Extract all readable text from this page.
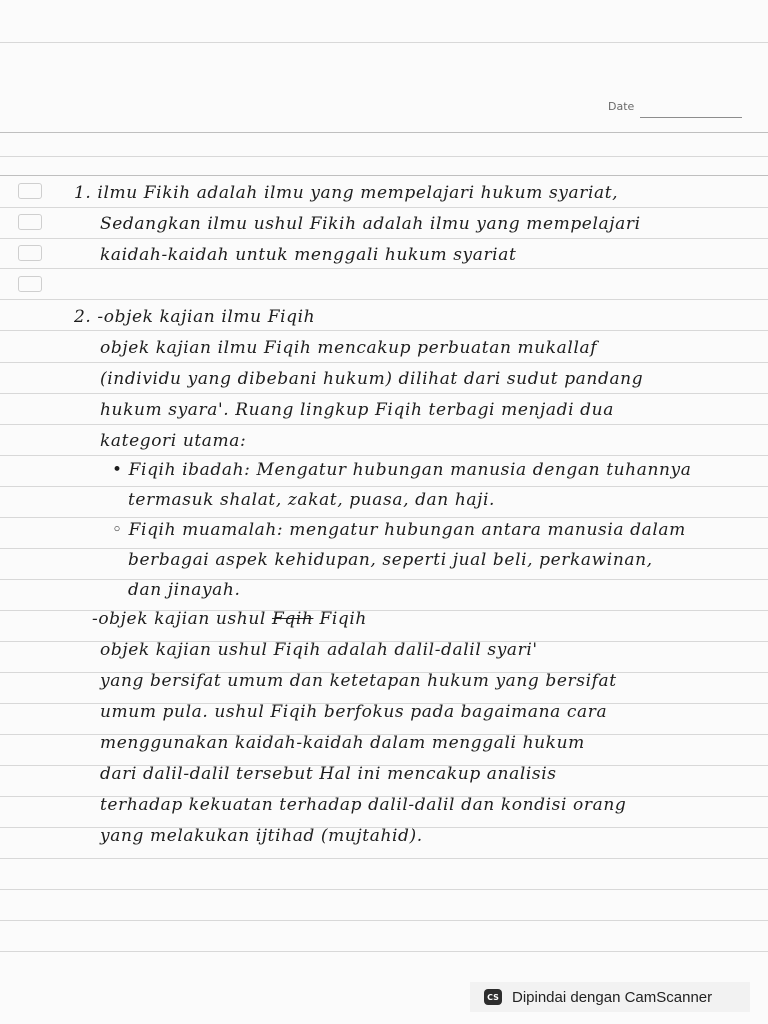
Date
1. ilmu Fikih adalah ilmu yang mempelajari hukum syariat,
Sedangkan ilmu ushul Fikih adalah ilmu yang mempelajari
kaidah-kaidah untuk menggali hukum syariat
2. -objek kajian ilmu Fiqih
objek kajian ilmu Fiqih mencakup perbuatan mukallaf
(individu yang dibebani hukum) dilihat dari sudut pandang
hukum syara'. Ruang lingkup Fiqih terbagi menjadi dua
kategori utama:
• Fiqih ibadah: Mengatur hubungan manusia dengan tuhannya
termasuk shalat, zakat, puasa, dan haji.
◦ Fiqih muamalah: mengatur hubungan antara manusia dalam
berbagai aspek kehidupan, seperti jual beli, perkawinan,
dan jinayah.
-objek kajian ushul Fqih Fiqih
objek kajian ushul Fiqih adalah dalil-dalil syari'
yang bersifat umum dan ketetapan hukum yang bersifat
umum pula. ushul Fiqih berfokus pada bagaimana cara
menggunakan kaidah-kaidah dalam menggali hukum
dari dalil-dalil tersebut Hal ini mencakup analisis
terhadap kekuatan terhadap dalil-dalil dan kondisi orang
yang melakukan ijtihad (mujtahid).
CS Dipindai dengan CamScanner
